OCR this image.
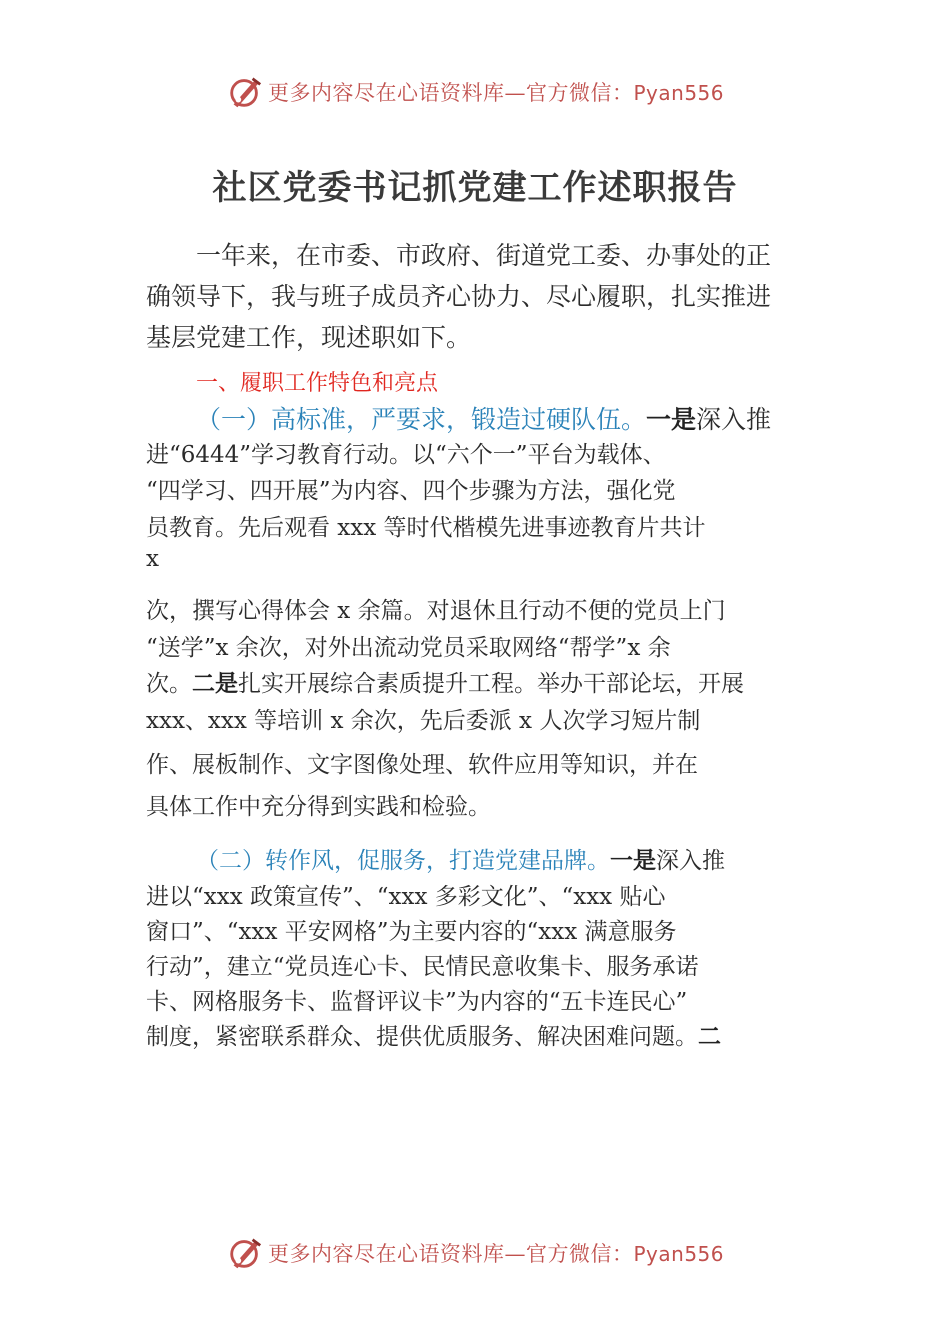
更多内容尽在心语资料库—官方微信：Pyan556
社区党委书记抓党建工作述职报告
一年来，在市委、市政府、街道党工委、办事处的正
确领导下，我与班子成员齐心协力、尽心履职，扎实推进
基层党建工作，现述职如下。
一、履职工作特色和亮点
（一）高标准，严要求，锻造过硬队伍。一是深入推
进“6444”学习教育行动。以“六个一”平台为载体、
“四学习、四开展”为内容、四个步骤为方法，强化党
员教育。先后观看 xxx 等时代楷模先进事迹教育片共计
x
次，撰写心得体会 x 余篇。对退休且行动不便的党员上门
“送学”x 余次，对外出流动党员采取网络“帮学”x 余
次。二是扎实开展综合素质提升工程。举办干部论坛，开展
xxx、xxx 等培训 x 余次，先后委派 x 人次学习短片制
作、展板制作、文字图像处理、软件应用等知识，并在
具体工作中充分得到实践和检验。
（二）转作风，促服务，打造党建品牌。一是深入推
进以“xxx 政策宣传”、“xxx 多彩文化”、“xxx 贴心
窗口”、“xxx 平安网格”为主要内容的“xxx 满意服务
行动”，建立“党员连心卡、民情民意收集卡、服务承诺
卡、网格服务卡、监督评议卡”为内容的“五卡连民心”
制度，紧密联系群众、提供优质服务、解决困难问题。二
更多内容尽在心语资料库—官方微信：Pyan556
